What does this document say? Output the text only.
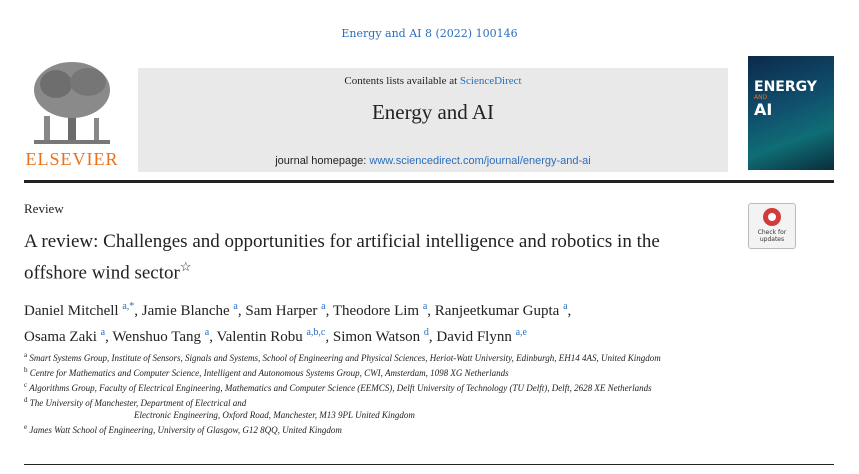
Energy and AI 8 (2022) 100146
ELSEVIER
Contents lists available at ScienceDirect
Energy and AI
journal homepage: www.sciencedirect.com/journal/energy-and-ai
ENERGY
AND
AI
Review
A review: Challenges and opportunities for artificial intelligence and robotics in the offshore wind sector☆
Check for updates
Daniel Mitchell $^{a,*}$, Jamie Blanche $^a$, Sam Harper $^a$, Theodore Lim $^a$, Ranjeetkumar Gupta $^a$,
Osama Zaki $^a$, Wenshuo Tang $^a$, Valentin Robu $^{a,b,c}$, Simon Watson $^d$, David Flynn $^{a,e}$
$^a$ Smart Systems Group, Institute of Sensors, Signals and Systems, School of Engineering and Physical Sciences, Heriot-Watt University, Edinburgh, EH14 4AS, United Kingdom
$^b$ Centre for Mathematics and Computer Science, Intelligent and Autonomous Systems Group, CWI, Amsterdam, 1098 XG Netherlands
$^c$ Algorithms Group, Faculty of Electrical Engineering, Mathematics and Computer Science (EEMCS), Delft University of Technology (TU Delft), Delft, 2628 XE Netherlands
$^d$ The University of Manchester, Department of Electrical and
Electronic Engineering, Oxford Road, Manchester, M13 9PL United Kingdom
$^e$ James Watt School of Engineering, University of Glasgow, G12 8QQ, United Kingdom
